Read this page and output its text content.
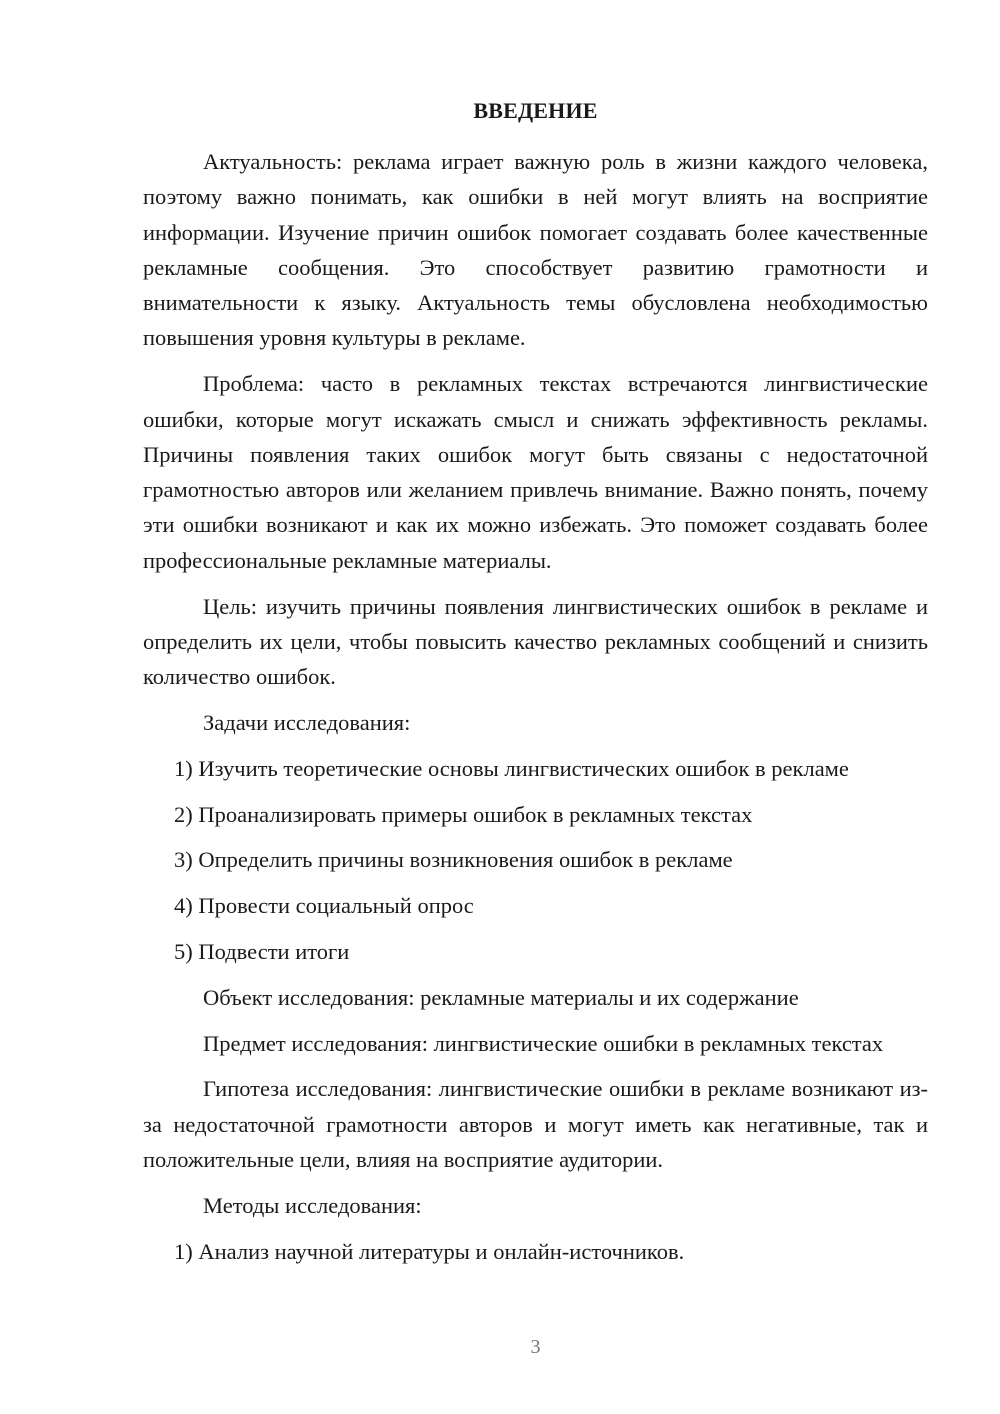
ВВЕДЕНИЕ

Актуальность: реклама играет важную роль в жизни каждого человека, поэтому важно понимать, как ошибки в ней могут влиять на восприятие информации. Изучение причин ошибок помогает создавать более качественные рекламные сообщения. Это способствует развитию грамотности и внимательности к языку. Актуальность темы обусловлена необходимостью повышения уровня культуры в рекламе.

Проблема: часто в рекламных текстах встречаются лингвистические ошибки, которые могут искажать смысл и снижать эффективность рекламы. Причины появления таких ошибок могут быть связаны с недостаточной грамотностью авторов или желанием привлечь внимание. Важно понять, почему эти ошибки возникают и как их можно избежать. Это поможет создавать более профессиональные рекламные материалы.

Цель: изучить причины появления лингвистических ошибок в рекламе и определить их цели, чтобы повысить качество рекламных сообщений и снизить количество ошибок.

Задачи исследования:

1) Изучить теоретические основы лингвистических ошибок в рекламе

2) Проанализировать примеры ошибок в рекламных текстах

3) Определить причины возникновения ошибок в рекламе

4) Провести социальный опрос

5) Подвести итоги

Объект исследования: рекламные материалы и их содержание

Предмет исследования: лингвистические ошибки в рекламных текстах

Гипотеза исследования: лингвистические ошибки в рекламе возникают из-за недостаточной грамотности авторов и могут иметь как негативные, так и положительные цели, влияя на восприятие аудитории.

Методы исследования:

1) Анализ научной литературы и онлайн-источников.

3
